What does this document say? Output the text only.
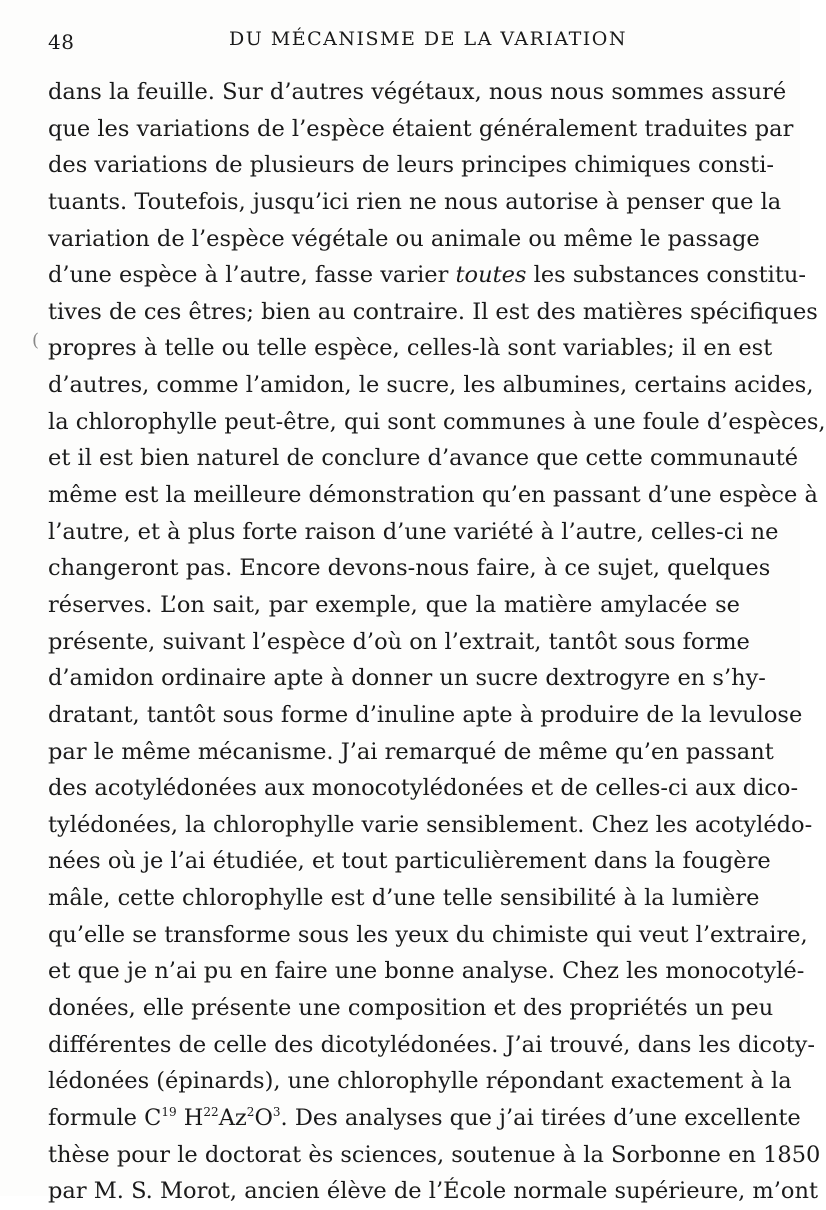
48	DU MÉCANISME DE LA VARIATION
dans la feuille. Sur d’autres végétaux, nous nous sommes assuré
que les variations de l’espèce étaient généralement traduites par
des variations de plusieurs de leurs principes chimiques consti-
tuants. Toutefois, jusqu’ici rien ne nous autorise à penser que la
variation de l’espèce végétale ou animale ou même le passage
d’une espèce à l’autre, fasse varier toutes les substances constitu-
tives de ces êtres; bien au contraire. Il est des matières spécifiques
propres à telle ou telle espèce, celles-là sont variables; il en est
d’autres, comme l’amidon, le sucre, les albumines, certains acides,
la chlorophylle peut-être, qui sont communes à une foule d’espèces,
et il est bien naturel de conclure d’avance que cette communauté
même est la meilleure démonstration qu’en passant d’une espèce à
l’autre, et à plus forte raison d’une variété à l’autre, celles-ci ne
changeront pas. Encore devons-nous faire, à ce sujet, quelques
réserves. L’on sait, par exemple, que la matière amylacée se
présente, suivant l’espèce d’où on l’extrait, tantôt sous forme
d’amidon ordinaire apte à donner un sucre dextrogyre en s’hy-
dratant, tantôt sous forme d’inuline apte à produire de la levulose
par le même mécanisme. J’ai remarqué de même qu’en passant
des acotylédonées aux monocotylédonées et de celles-ci aux dico-
tylédonées, la chlorophylle varie sensiblement. Chez les acotylédo-
nées où je l’ai étudiée, et tout particulièrement dans la fougère
mâle, cette chlorophylle est d’une telle sensibilité à la lumière
qu’elle se transforme sous les yeux du chimiste qui veut l’extraire,
et que je n’ai pu en faire une bonne analyse. Chez les monocotylé-
donées, elle présente une composition et des propriétés un peu
différentes de celle des dicotylédonées. J’ai trouvé, dans les dicoty-
lédonées (épinards), une chlorophylle répondant exactement à la
formule $C^{19}$ $H^{22}Az^2O^3$. Des analyses que j’ai tirées d’une excellente
thèse pour le doctorat ès sciences, soutenue à la Sorbonne en 1850
par M. S. Morot, ancien élève de l’École normale supérieure, m’ont
(
